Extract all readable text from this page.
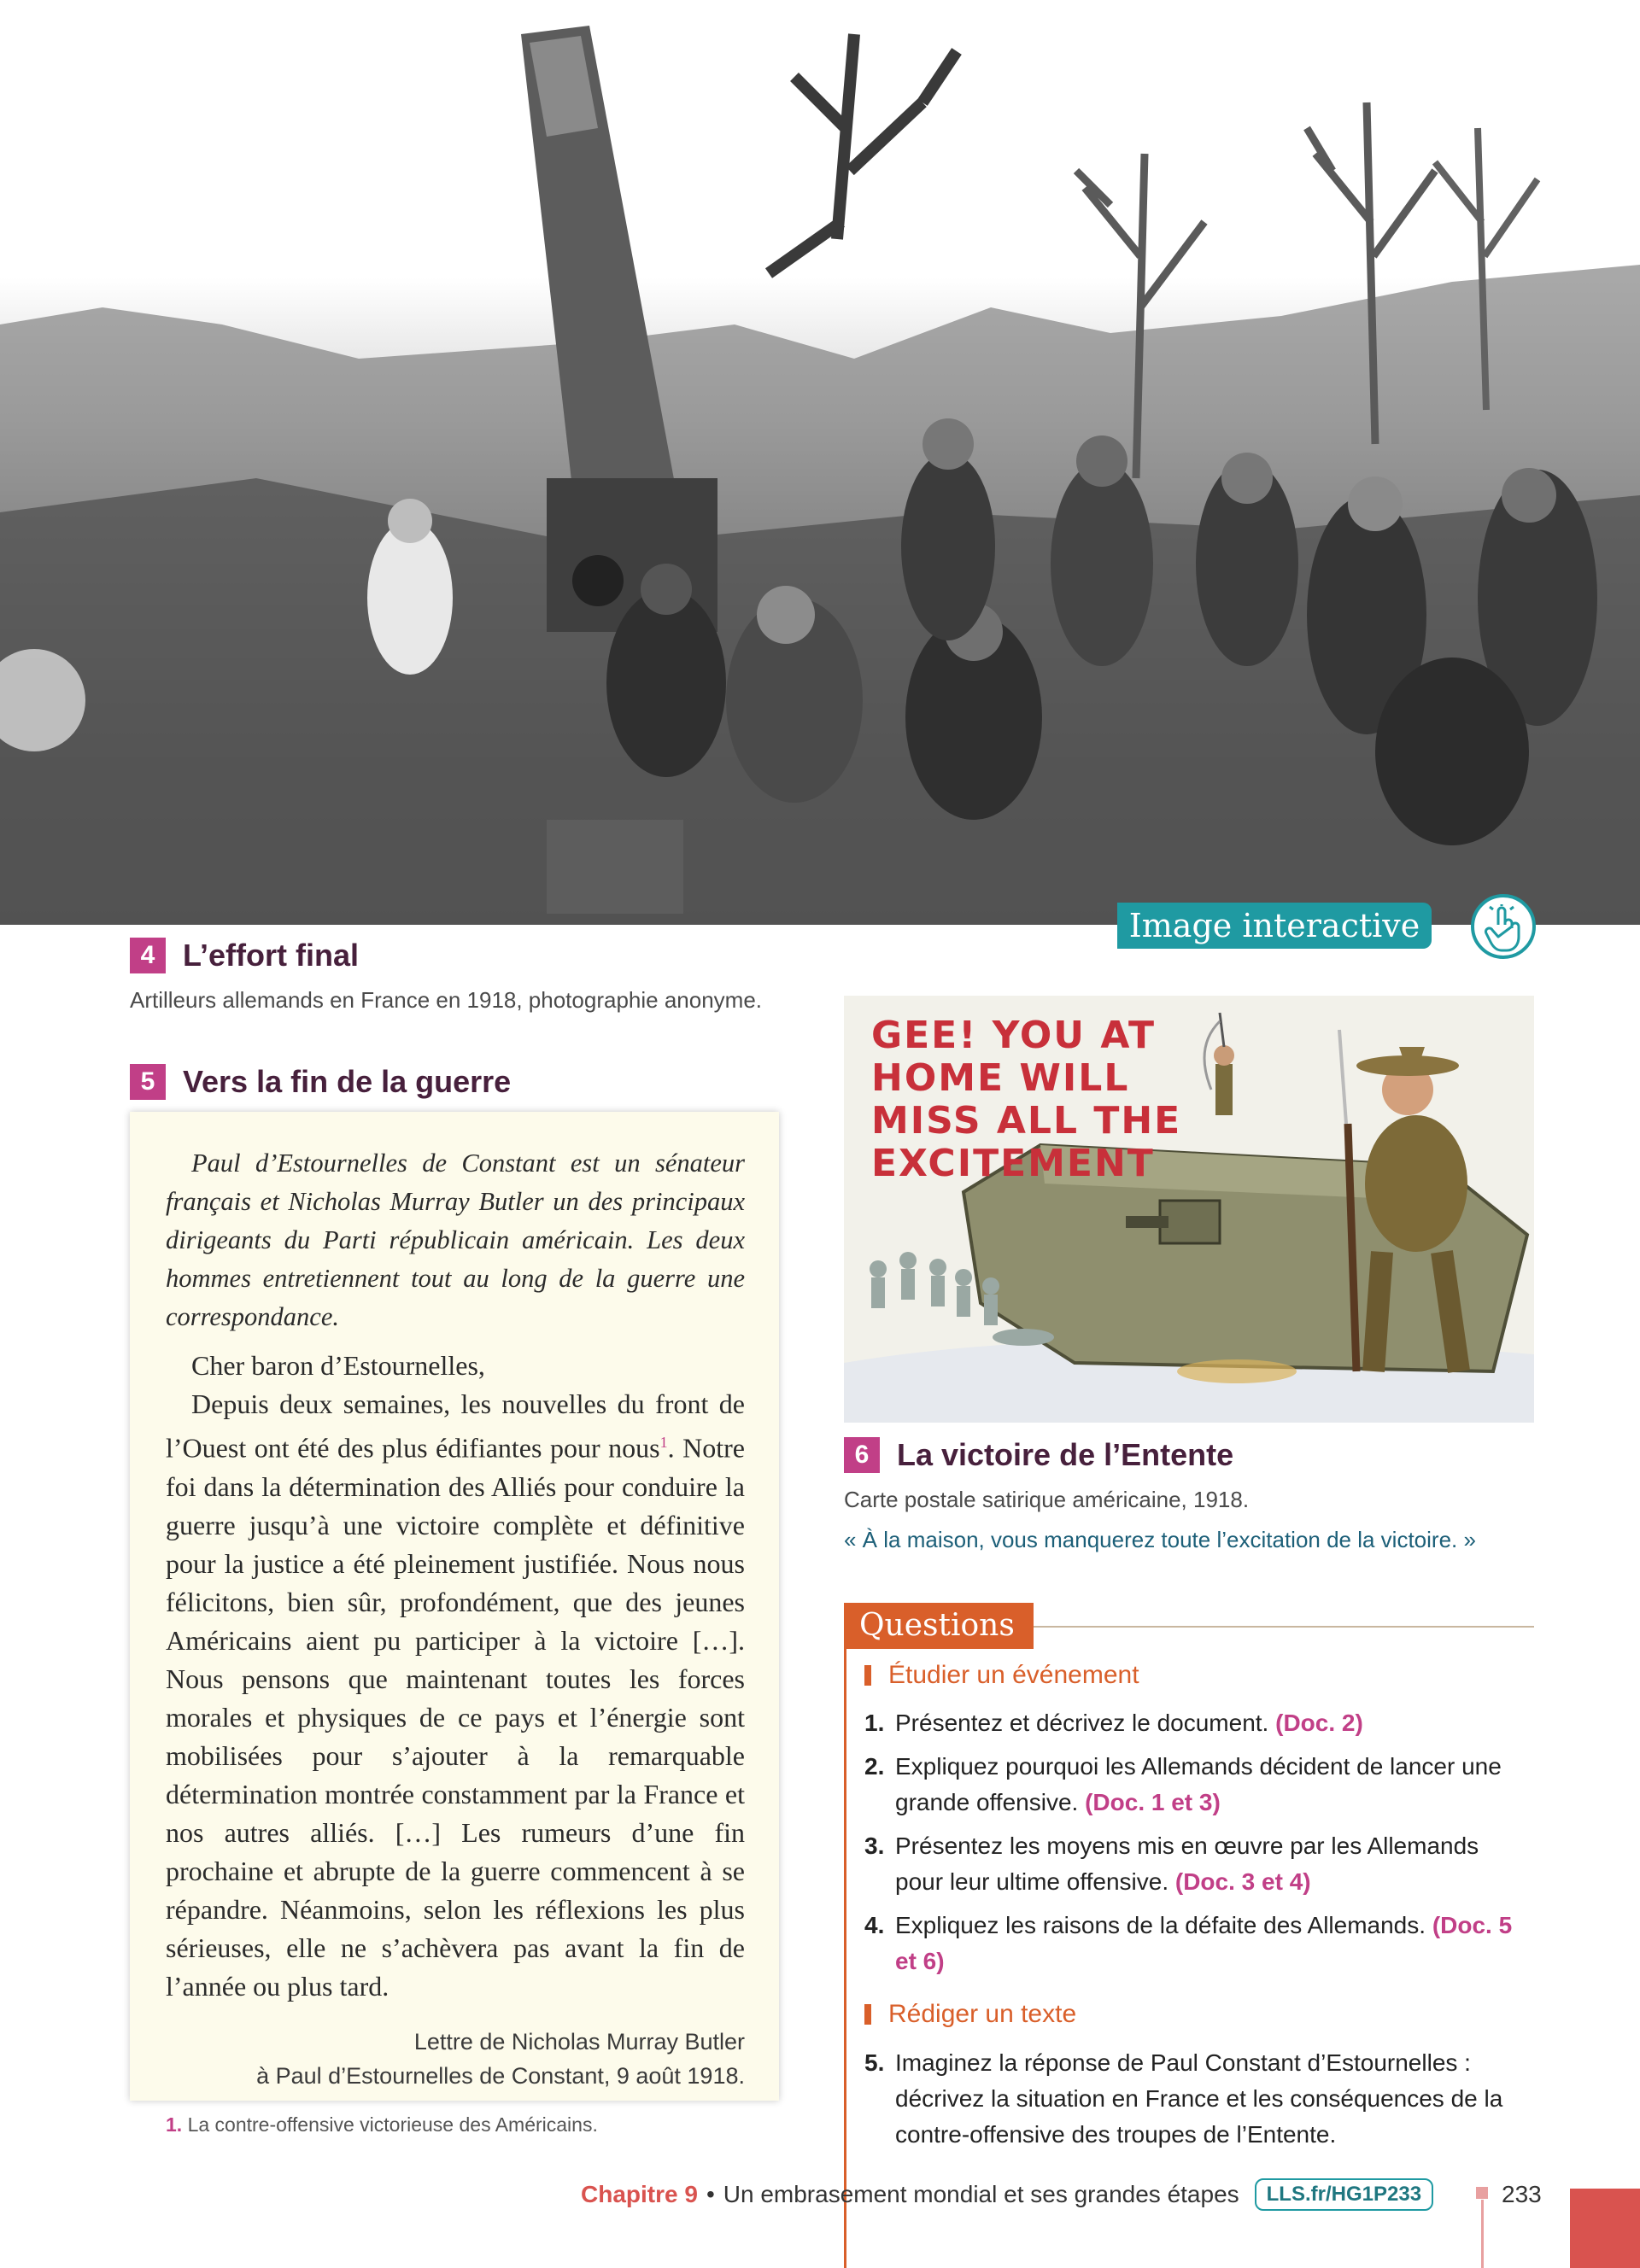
Image interactive
4 L’effort final
Artilleurs allemands en France en 1918, photographie anonyme.
5 Vers la fin de la guerre

Paul d’Estournelles de Constant est un sénateur français et Nicholas Murray Butler un des principaux dirigeants du Parti républicain américain. Les deux hommes entretiennent tout au long de la guerre une correspondance.

Cher baron d’Estournelles,

Depuis deux semaines, les nouvelles du front de l’Ouest ont été des plus édifiantes pour nous$^1$. Notre foi dans la détermination des Alliés pour conduire la guerre jusqu’à une victoire complète et définitive pour la justice a été pleinement justifiée. Nous nous félicitons, bien sûr, profondément, que des jeunes Américains aient pu participer à la victoire […]. Nous pensons que maintenant toutes les forces morales et physiques de ce pays et l’énergie sont mobilisées pour s’ajouter à la remarquable détermination montrée constamment par la France et nos autres alliés. […] Les rumeurs d’une fin prochaine et abrupte de la guerre commencent à se répandre. Néanmoins, selon les réflexions les plus sérieuses, elle ne s’achèvera pas avant la fin de l’année ou plus tard.

Lettre de Nicholas Murray Butler
à Paul d’Estournelles de Constant, 9 août 1918.
1. La contre-offensive victorieuse des Américains.
GEE! YOU AT HOME WILL MISS ALL THE EXCITEMENT
6 La victoire de l’Entente
Carte postale satirique américaine, 1918.
« À la maison, vous manquerez toute l’excitation de la victoire. »
Questions
Étudier un événement
1. Présentez et décrivez le document. (Doc. 2)
2. Expliquez pourquoi les Allemands décident de lancer une grande offensive. (Doc. 1 et 3)
3. Présentez les moyens mis en œuvre par les Allemands pour leur ultime offensive. (Doc. 3 et 4)
4. Expliquez les raisons de la défaite des Allemands. (Doc. 5 et 6)
Rédiger un texte
5. Imaginez la réponse de Paul Constant d’Estournelles : décrivez la situation en France et les conséquences de la contre-offensive des troupes de l’Entente.
Chapitre 9 • Un embrasement mondial et ses grandes étapes	LLS.fr/HG1P233	233
